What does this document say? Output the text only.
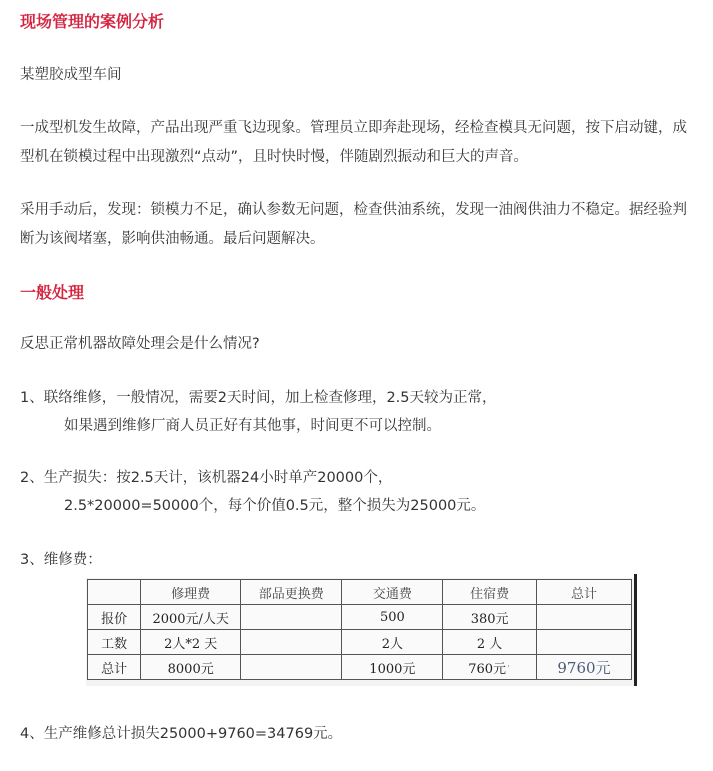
现场管理的案例分析

某塑胶成型车间

一成型机发生故障，产品出现严重飞边现象。管理员立即奔赴现场，经检查模具无问题，按下启动键，成型机在锁模过程中出现激烈“点动”，且时快时慢，伴随剧烈振动和巨大的声音。

采用手动后，发现：锁模力不足，确认参数无问题，检查供油系统，发现一油阀供油力不稳定。据经验判断为该阀堵塞，影响供油畅通。最后问题解决。

一般处理

反思正常机器故障处理会是什么情况?

1、联络维修，一般情况，需要2天时间，加上检查修理，2.5天较为正常，

如果遇到维修厂商人员正好有其他事，时间更不可以控制。

2、生产损失：按2.5天计，该机器24小时单产20000个，

2.5*20000=50000个，每个价值0.5元，整个损失为25000元。

3、维修费：

	修理费	部品更换费	交通费	住宿费	总计
报价	2000元/人天		500	380元	
工数	2人*2 天		2人	2 人	
总计	8000元		1000元	760元˙	9760元

4、生产维修总计损失25000+9760=34769元。
